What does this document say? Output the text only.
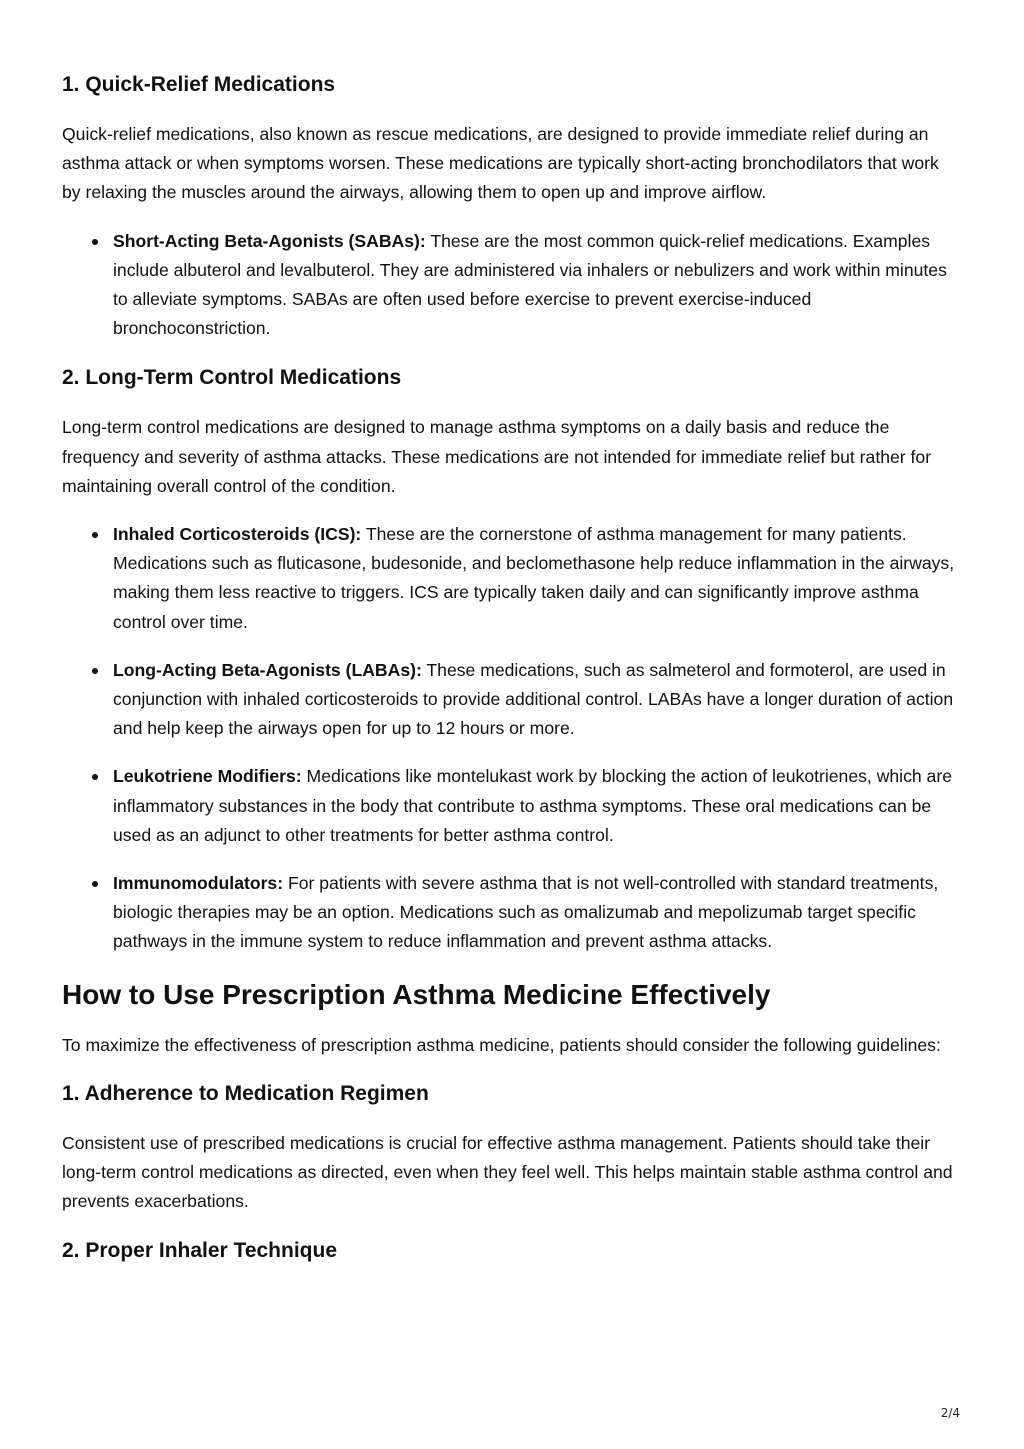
1. Quick-Relief Medications

Quick-relief medications, also known as rescue medications, are designed to provide immediate relief during an asthma attack or when symptoms worsen. These medications are typically short-acting bronchodilators that work by relaxing the muscles around the airways, allowing them to open up and improve airflow.

Short-Acting Beta-Agonists (SABAs): These are the most common quick-relief medications. Examples include albuterol and levalbuterol. They are administered via inhalers or nebulizers and work within minutes to alleviate symptoms. SABAs are often used before exercise to prevent exercise-induced bronchoconstriction.
2. Long-Term Control Medications

Long-term control medications are designed to manage asthma symptoms on a daily basis and reduce the frequency and severity of asthma attacks. These medications are not intended for immediate relief but rather for maintaining overall control of the condition.

Inhaled Corticosteroids (ICS): These are the cornerstone of asthma management for many patients. Medications such as fluticasone, budesonide, and beclomethasone help reduce inflammation in the airways, making them less reactive to triggers. ICS are typically taken daily and can significantly improve asthma control over time.
Long-Acting Beta-Agonists (LABAs): These medications, such as salmeterol and formoterol, are used in conjunction with inhaled corticosteroids to provide additional control. LABAs have a longer duration of action and help keep the airways open for up to 12 hours or more.
Leukotriene Modifiers: Medications like montelukast work by blocking the action of leukotrienes, which are inflammatory substances in the body that contribute to asthma symptoms. These oral medications can be used as an adjunct to other treatments for better asthma control.
Immunomodulators: For patients with severe asthma that is not well-controlled with standard treatments, biologic therapies may be an option. Medications such as omalizumab and mepolizumab target specific pathways in the immune system to reduce inflammation and prevent asthma attacks.
How to Use Prescription Asthma Medicine Effectively

To maximize the effectiveness of prescription asthma medicine, patients should consider the following guidelines:

1. Adherence to Medication Regimen

Consistent use of prescribed medications is crucial for effective asthma management. Patients should take their long-term control medications as directed, even when they feel well. This helps maintain stable asthma control and prevents exacerbations.

2. Proper Inhaler Technique
2/4
